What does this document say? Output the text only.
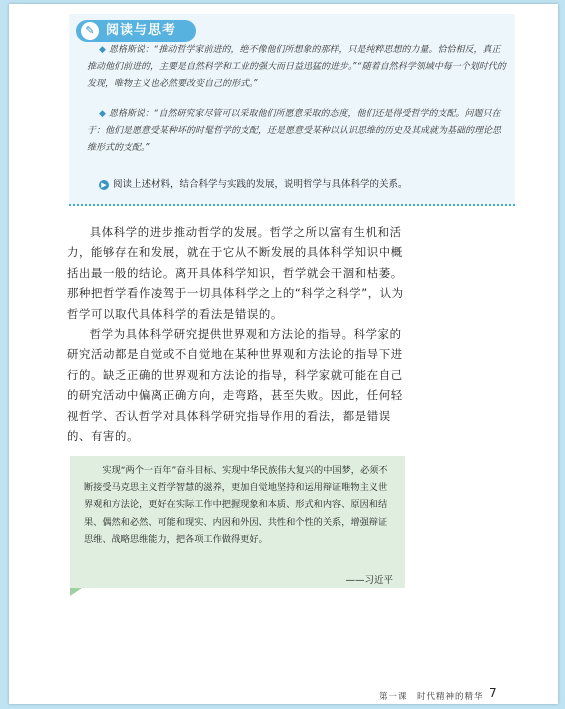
✎ 阅读与思考

◆ 恩格斯说：“推动哲学家前进的，绝不像他们所想象的那样，只是纯粹思想的力量。恰恰相反，真正推动他们前进的，主要是自然科学和工业的强大而日益迅猛的进步。”“随着自然科学领域中每一个划时代的发现，唯物主义也必然要改变自己的形式。”

◆ 恩格斯说：“自然研究家尽管可以采取他们所愿意采取的态度，他们还是得受哲学的支配。问题只在于：他们是愿意受某种坏的时髦哲学的支配，还是愿意受某种以认识思维的历史及其成就为基础的理论思维形式的支配。”

▶ 阅读上述材料，结合科学与实践的发展，说明哲学与具体科学的关系。

具体科学的进步推动哲学的发展。哲学之所以富有生机和活力，能够存在和发展，就在于它从不断发展的具体科学知识中概括出最一般的结论。离开具体科学知识，哲学就会干涸和枯萎。那种把哲学看作凌驾于一切具体科学之上的“科学之科学”，认为哲学可以取代具体科学的看法是错误的。

哲学为具体科学研究提供世界观和方法论的指导。科学家的研究活动都是自觉或不自觉地在某种世界观和方法论的指导下进行的。缺乏正确的世界观和方法论的指导，科学家就可能在自己的研究活动中偏离正确方向，走弯路，甚至失败。因此，任何轻视哲学、否认哲学对具体科学研究指导作用的看法，都是错误的、有害的。

实现“两个一百年”奋斗目标、实现中华民族伟大复兴的中国梦，必须不断接受马克思主义哲学智慧的滋养，更加自觉地坚持和运用辩证唯物主义世界观和方法论，更好在实际工作中把握现象和本质、形式和内容、原因和结果、偶然和必然、可能和现实、内因和外因、共性和个性的关系，增强辩证思维、战略思维能力，把各项工作做得更好。

——习近平
第一课　时代精神的精华 7
